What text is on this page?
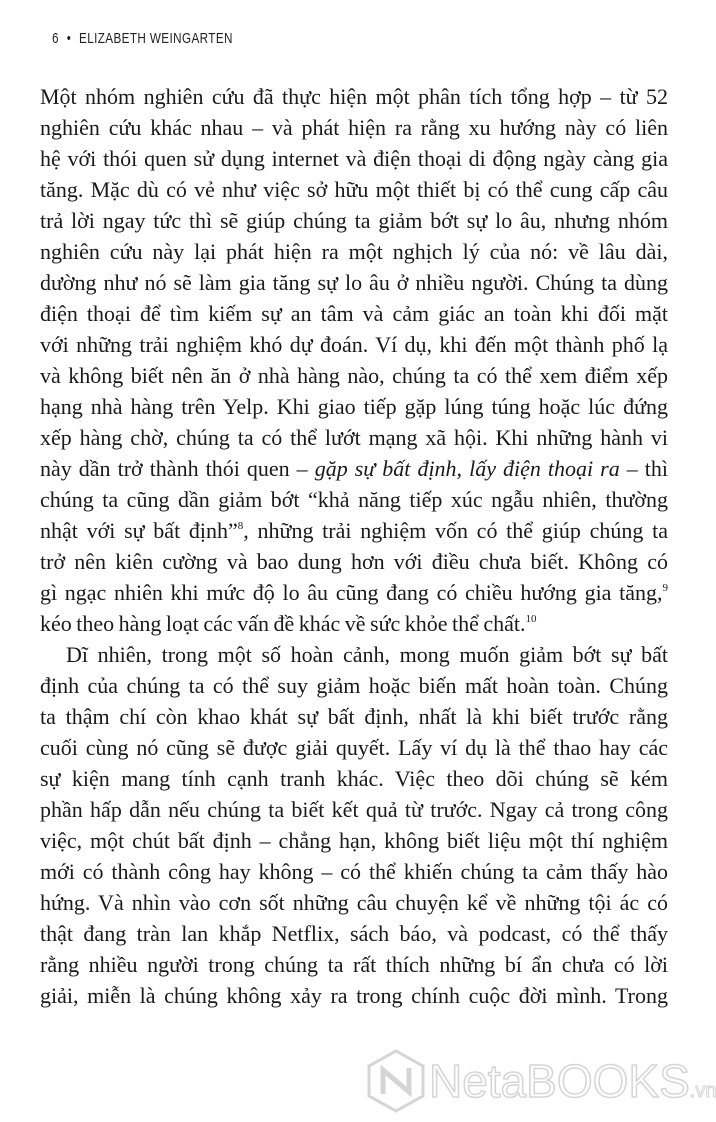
6 • ELIZABETH WEINGARTEN
Một nhóm nghiên cứu đã thực hiện một phân tích tổng hợp – từ 52
nghiên cứu khác nhau – và phát hiện ra rằng xu hướng này có liên
hệ với thói quen sử dụng internet và điện thoại di động ngày càng gia
tăng. Mặc dù có vẻ như việc sở hữu một thiết bị có thể cung cấp câu
trả lời ngay tức thì sẽ giúp chúng ta giảm bớt sự lo âu, nhưng nhóm
nghiên cứu này lại phát hiện ra một nghịch lý của nó: về lâu dài,
dường như nó sẽ làm gia tăng sự lo âu ở nhiều người. Chúng ta dùng
điện thoại để tìm kiếm sự an tâm và cảm giác an toàn khi đối mặt
với những trải nghiệm khó dự đoán. Ví dụ, khi đến một thành phố lạ
và không biết nên ăn ở nhà hàng nào, chúng ta có thể xem điểm xếp
hạng nhà hàng trên Yelp. Khi giao tiếp gặp lúng túng hoặc lúc đứng
xếp hàng chờ, chúng ta có thể lướt mạng xã hội. Khi những hành vi
này dần trở thành thói quen – gặp sự bất định, lấy điện thoại ra – thì
chúng ta cũng dần giảm bớt “khả năng tiếp xúc ngẫu nhiên, thường
nhật với sự bất định”$^8$, những trải nghiệm vốn có thể giúp chúng ta
trở nên kiên cường và bao dung hơn với điều chưa biết. Không có
gì ngạc nhiên khi mức độ lo âu cũng đang có chiều hướng gia tăng,$^9$
kéo theo hàng loạt các vấn đề khác về sức khỏe thể chất.$^{10}$
Dĩ nhiên, trong một số hoàn cảnh, mong muốn giảm bớt sự bất
định của chúng ta có thể suy giảm hoặc biến mất hoàn toàn. Chúng
ta thậm chí còn khao khát sự bất định, nhất là khi biết trước rằng
cuối cùng nó cũng sẽ được giải quyết. Lấy ví dụ là thể thao hay các
sự kiện mang tính cạnh tranh khác. Việc theo dõi chúng sẽ kém
phần hấp dẫn nếu chúng ta biết kết quả từ trước. Ngay cả trong công
việc, một chút bất định – chẳng hạn, không biết liệu một thí nghiệm
mới có thành công hay không – có thể khiến chúng ta cảm thấy hào
hứng. Và nhìn vào cơn sốt những câu chuyện kể về những tội ác có
thật đang tràn lan khắp Netflix, sách báo, và podcast, có thể thấy
rằng nhiều người trong chúng ta rất thích những bí ẩn chưa có lời
giải, miễn là chúng không xảy ra trong chính cuộc đời mình. Trong
NetaBOOKS.vn
